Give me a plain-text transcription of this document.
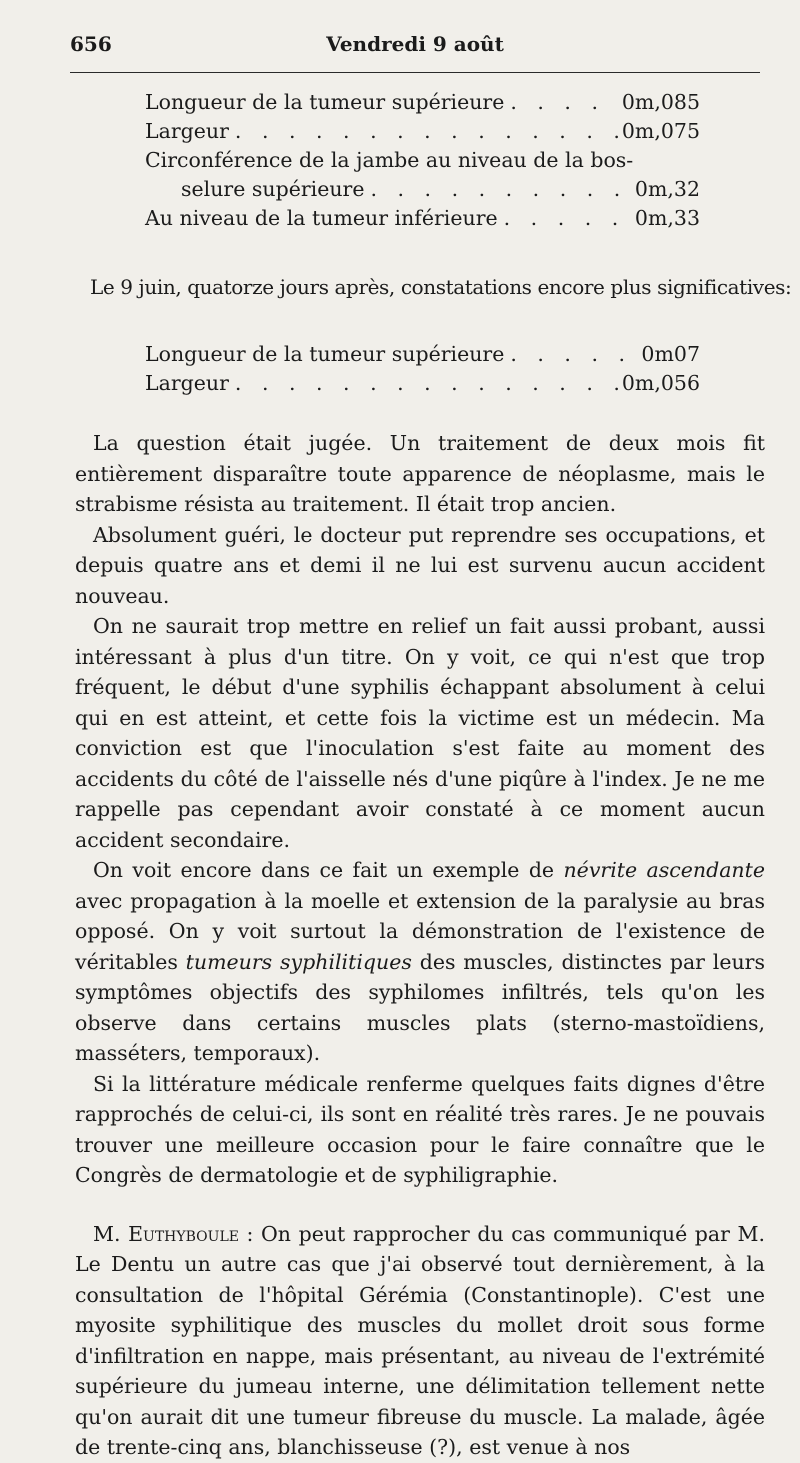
656	Vendredi 9 août
Longueur de la tumeur supérieure . . .	0m,085
Largeur . . .	0m,075
Circonférence de la jambe au niveau de la bos-
selure supérieure . . .	0m,32
Au niveau de la tumeur inférieure . . .	0m,33

Le 9 juin, quatorze jours après, constatations encore plus significatives:

Longueur de la tumeur supérieure . . .	0m07
Largeur . . .	0m,056

La question était jugée. Un traitement de deux mois fit entièrement disparaître toute apparence de néoplasme, mais le strabisme résista au traitement. Il était trop ancien.

Absolument guéri, le docteur put reprendre ses occupations, et depuis quatre ans et demi il ne lui est survenu aucun accident nouveau.

On ne saurait trop mettre en relief un fait aussi probant, aussi intéressant à plus d'un titre. On y voit, ce qui n'est que trop fréquent, le début d'une syphilis échappant absolument à celui qui en est atteint, et cette fois la victime est un médecin. Ma conviction est que l'inoculation s'est faite au moment des accidents du côté de l'aisselle nés d'une piqûre à l'index. Je ne me rappelle pas cependant avoir constaté à ce moment aucun accident secondaire.

On voit encore dans ce fait un exemple de névrite ascendante avec propagation à la moelle et extension de la paralysie au bras opposé. On y voit surtout la démonstration de l'existence de véritables tumeurs syphilitiques des muscles, distinctes par leurs symptômes objectifs des syphilomes infiltrés, tels qu'on les observe dans certains muscles plats (sterno-mastoïdiens, masséters, temporaux).

Si la littérature médicale renferme quelques faits dignes d'être rapprochés de celui-ci, ils sont en réalité très rares. Je ne pouvais trouver une meilleure occasion pour le faire connaître que le Congrès de dermatologie et de syphiligraphie.

M. Euthyboule : On peut rapprocher du cas communiqué par M. Le Dentu un autre cas que j'ai observé tout dernièrement, à la consultation de l'hôpital Gérémia (Constantinople). C'est une myosite syphilitique des muscles du mollet droit sous forme d'infiltration en nappe, mais présentant, au niveau de l'extrémité supérieure du jumeau interne, une délimitation tellement nette qu'on aurait dit une tumeur fibreuse du muscle. La malade, âgée de trente-cinq ans, blanchisseuse (?), est venue à nos
